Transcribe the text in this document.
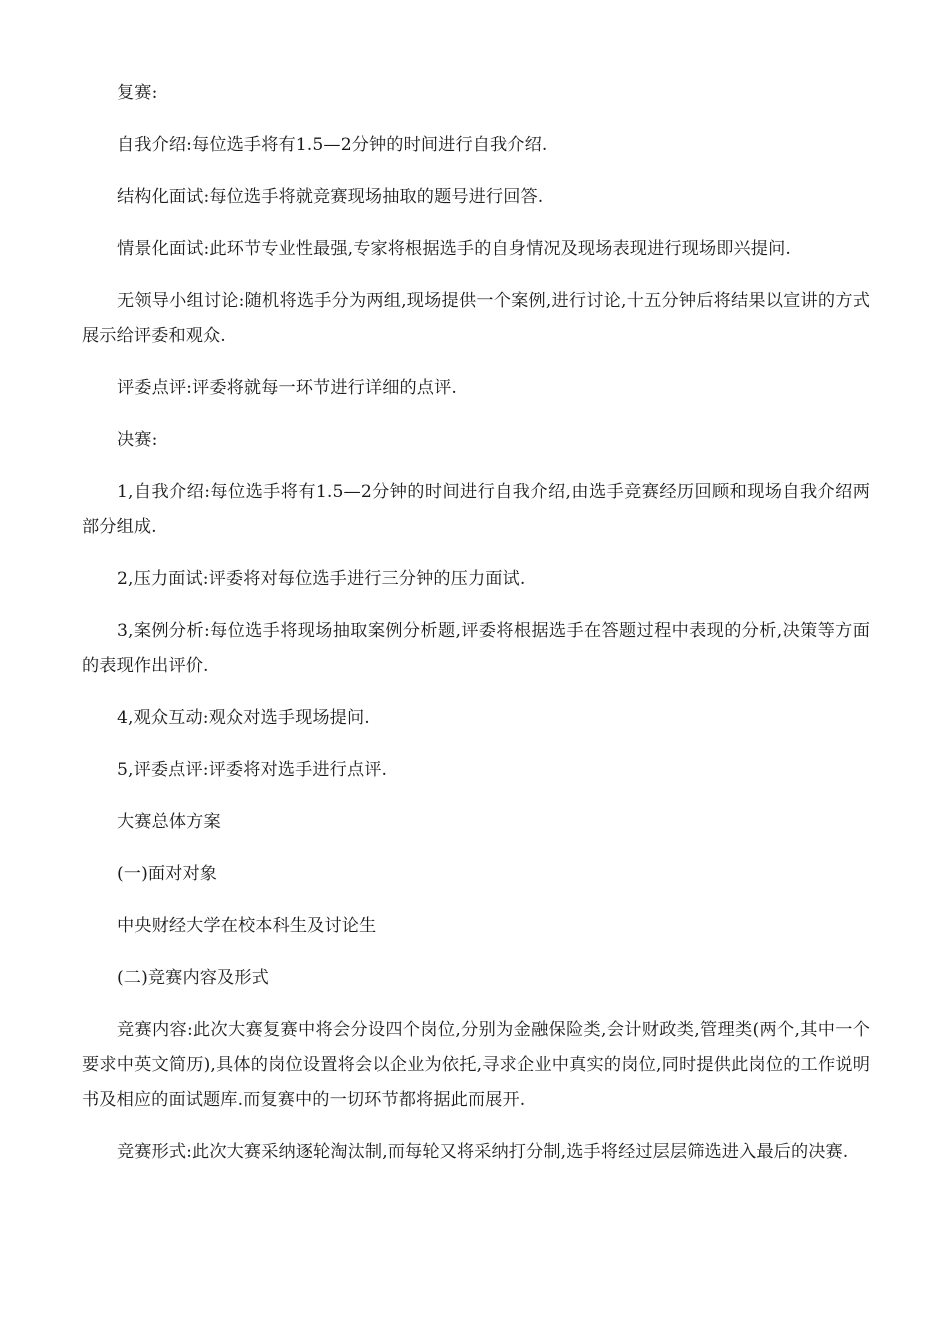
复赛:

自我介绍:每位选手将有1.5—2分钟的时间进行自我介绍.

结构化面试:每位选手将就竞赛现场抽取的题号进行回答.

情景化面试:此环节专业性最强,专家将根据选手的自身情况及现场表现进行现场即兴提问.

无领导小组讨论:随机将选手分为两组,现场提供一个案例,进行讨论,十五分钟后将结果以宣讲的方式展示给评委和观众.

评委点评:评委将就每一环节进行详细的点评.

决赛:

1,自我介绍:每位选手将有1.5—2分钟的时间进行自我介绍,由选手竞赛经历回顾和现场自我介绍两部分组成.

2,压力面试:评委将对每位选手进行三分钟的压力面试.

3,案例分析:每位选手将现场抽取案例分析题,评委将根据选手在答题过程中表现的分析,决策等方面的表现作出评价.

4,观众互动:观众对选手现场提问.

5,评委点评:评委将对选手进行点评.

大赛总体方案

(一)面对对象

中央财经大学在校本科生及讨论生

(二)竞赛内容及形式

竞赛内容:此次大赛复赛中将会分设四个岗位,分别为金融保险类,会计财政类,管理类(两个,其中一个要求中英文简历),具体的岗位设置将会以企业为依托,寻求企业中真实的岗位,同时提供此岗位的工作说明书及相应的面试题库.而复赛中的一切环节都将据此而展开.

竞赛形式:此次大赛采纳逐轮淘汰制,而每轮又将采纳打分制,选手将经过层层筛选进入最后的决赛.
